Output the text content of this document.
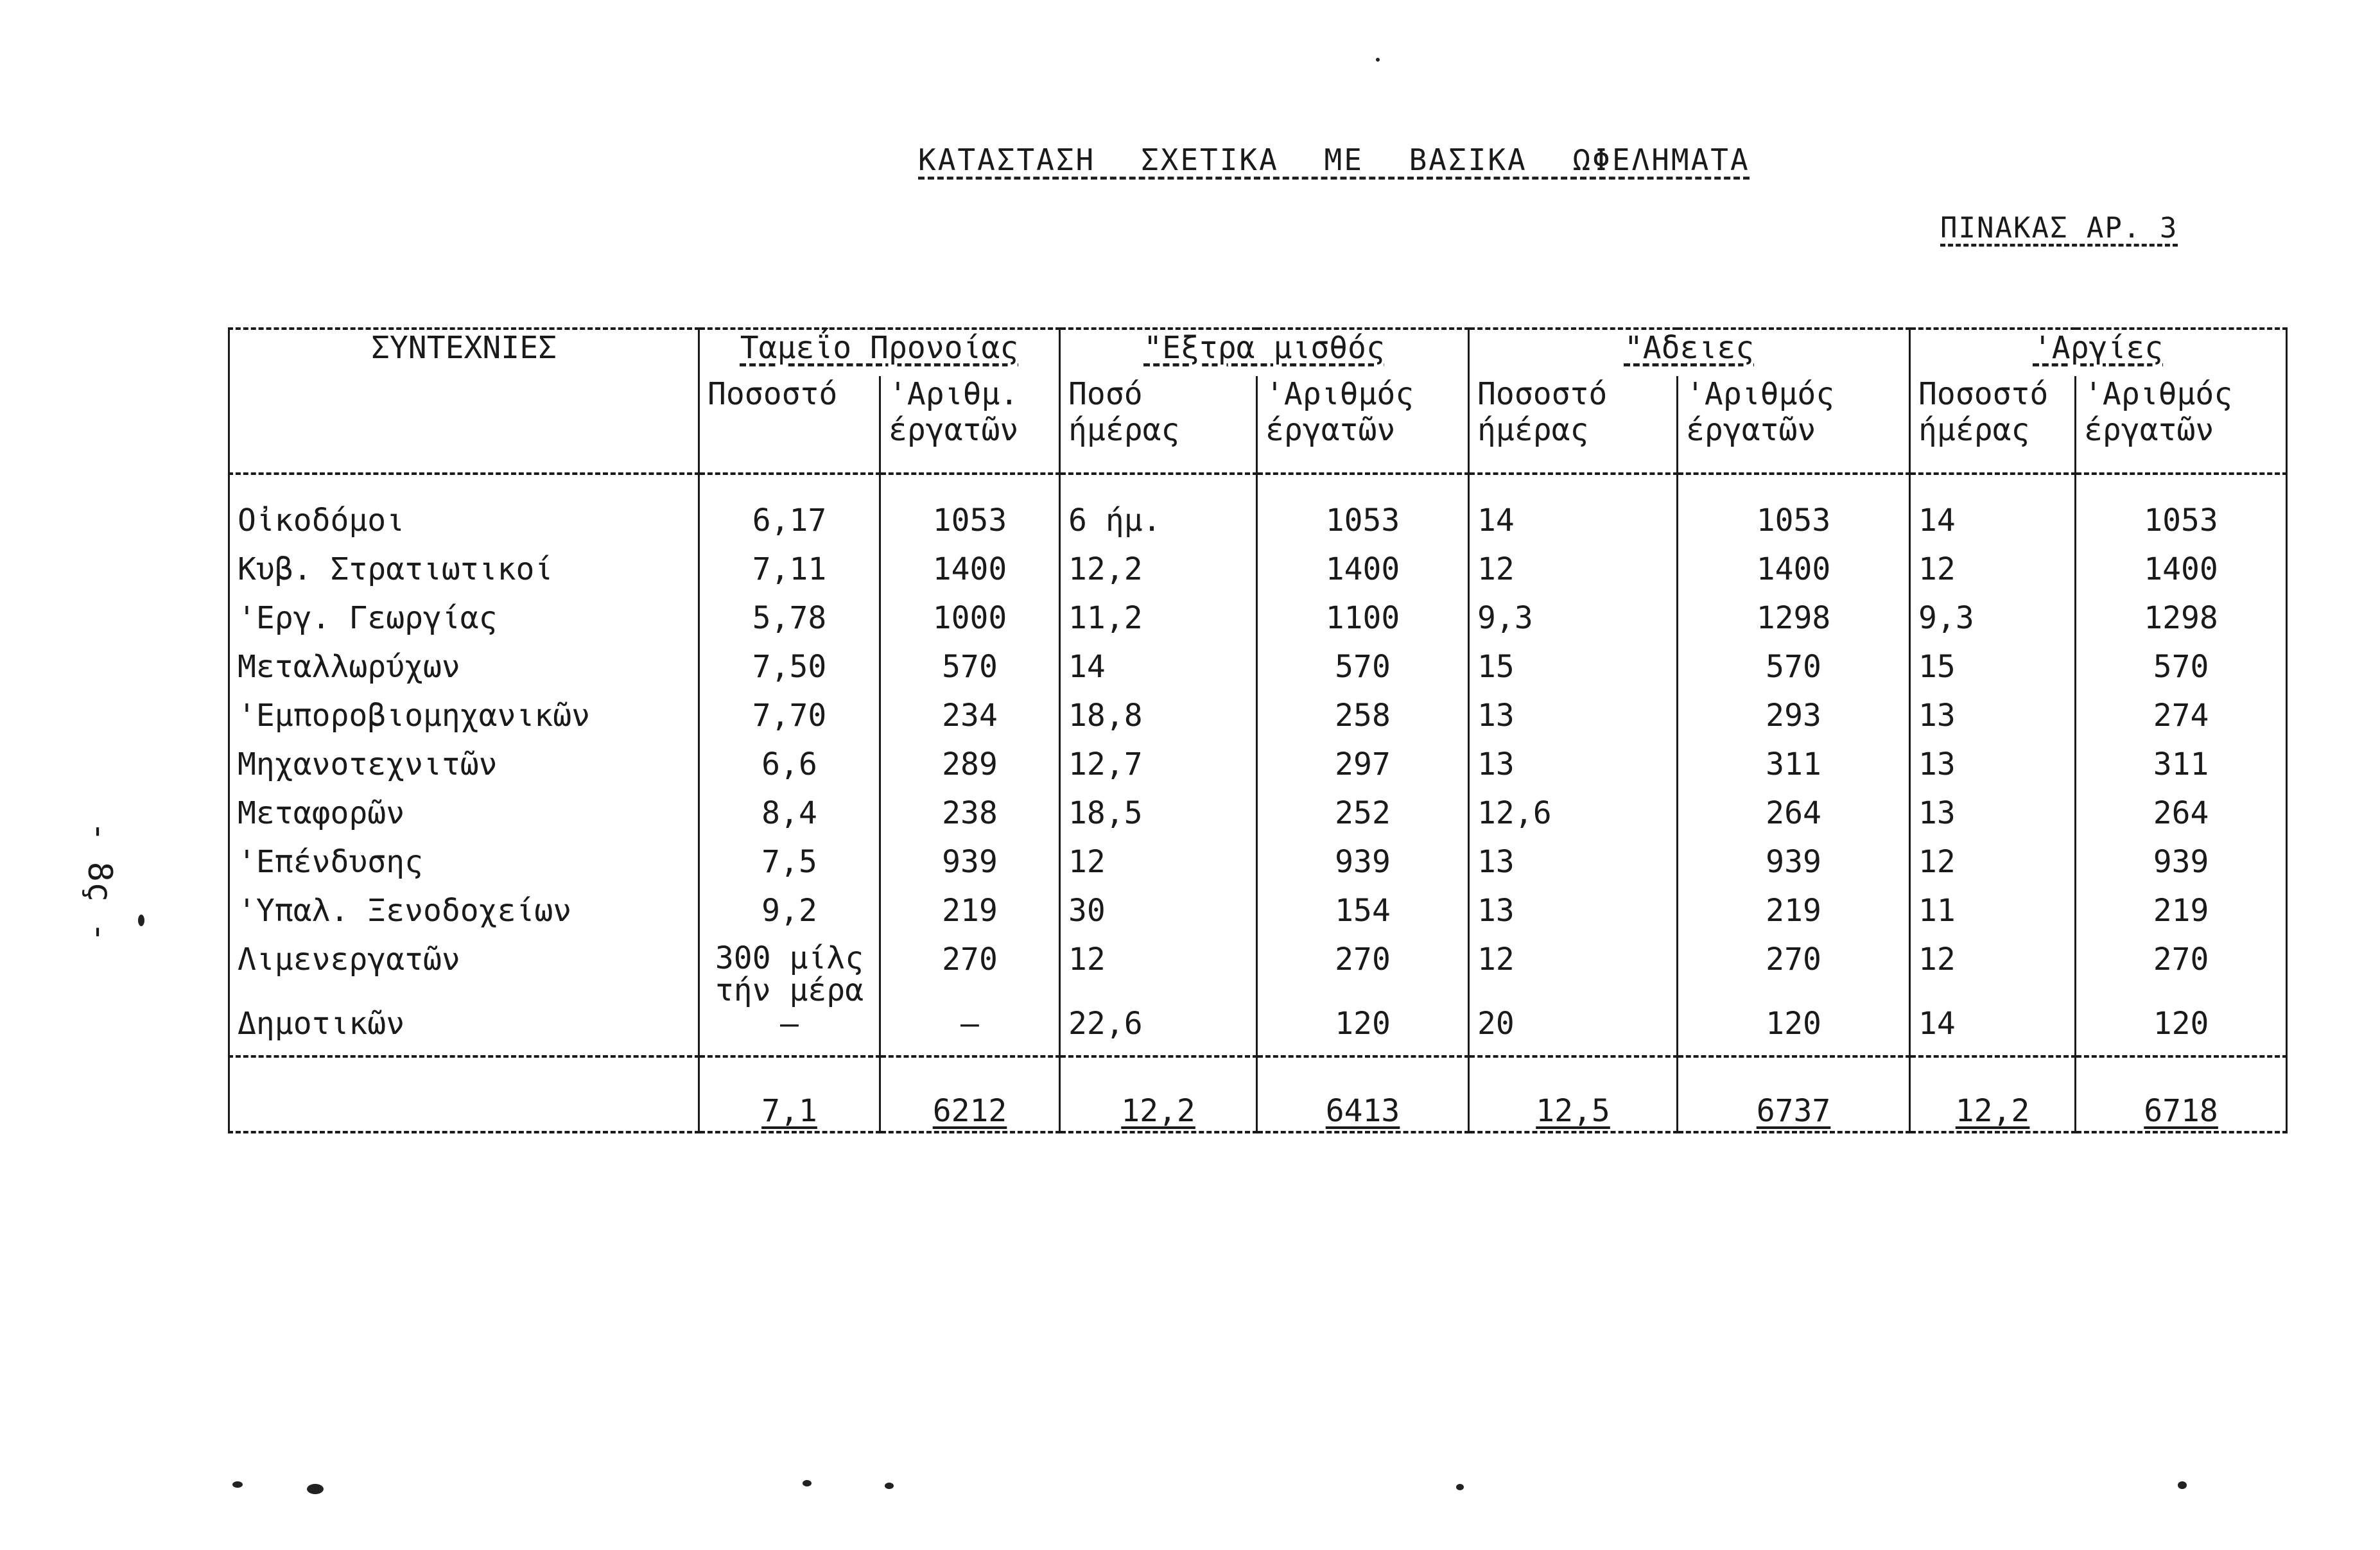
ΚΑΤΑΣΤΑΣΗ ΣΧΕΤΙΚΑ ΜΕ ΒΑΣΙΚΑ ΩΦΕΛΗΜΑΤΑ
ΠΙΝΑΚΑΣ ΑΡ. 3
- 8ç -
ΣΥΝΤΕΧΝΙΕΣ	Ταμεΐο Προνοίας		"Εξτρα μισθός		"Αδειες		'Αργίες	
	Ποσοστό	'Αριθμ. έργατῶν	Ποσό ήμέρας	'Αριθμός έργατῶν	Ποσοστό ήμέρας	'Αριθμός έργατῶν	Ποσοστό ήμέρας	'Αριθμός έργατῶν
Οἰκοδόμοι	6,17	1053	6 ήμ.	1053	14	1053	14	1053
Κυβ. Στρατιωτικοί	7,11	1400	12,2	1400	12	1400	12	1400
'Εργ. Γεωργίας	5,78	1000	11,2	1100	9,3	1298	9,3	1298
Μεταλλωρύχων	7,50	570	14	570	15	570	15	570
'Εμποροβιομηχανικῶν	7,70	234	18,8	258	13	293	13	274
Μηχανοτεχνιτῶν	6,6	289	12,7	297	13	311	13	311
Μεταφορῶν	8,4	238	18,5	252	12,6	264	13	264
'Επένδυσης	7,5	939	12	939	13	939	12	939
'Υπαλ. Ξενοδοχείων	9,2	219	30	154	13	219	11	219
Λιμενεργατῶν	300 μίλς τήν μέρα	270	12	270	12	270	12	270
Δημοτικῶν	—	—	22,6	120	20	120	14	120
	7,1	6212	12,2	6413	12,5	6737	12,2	6718
